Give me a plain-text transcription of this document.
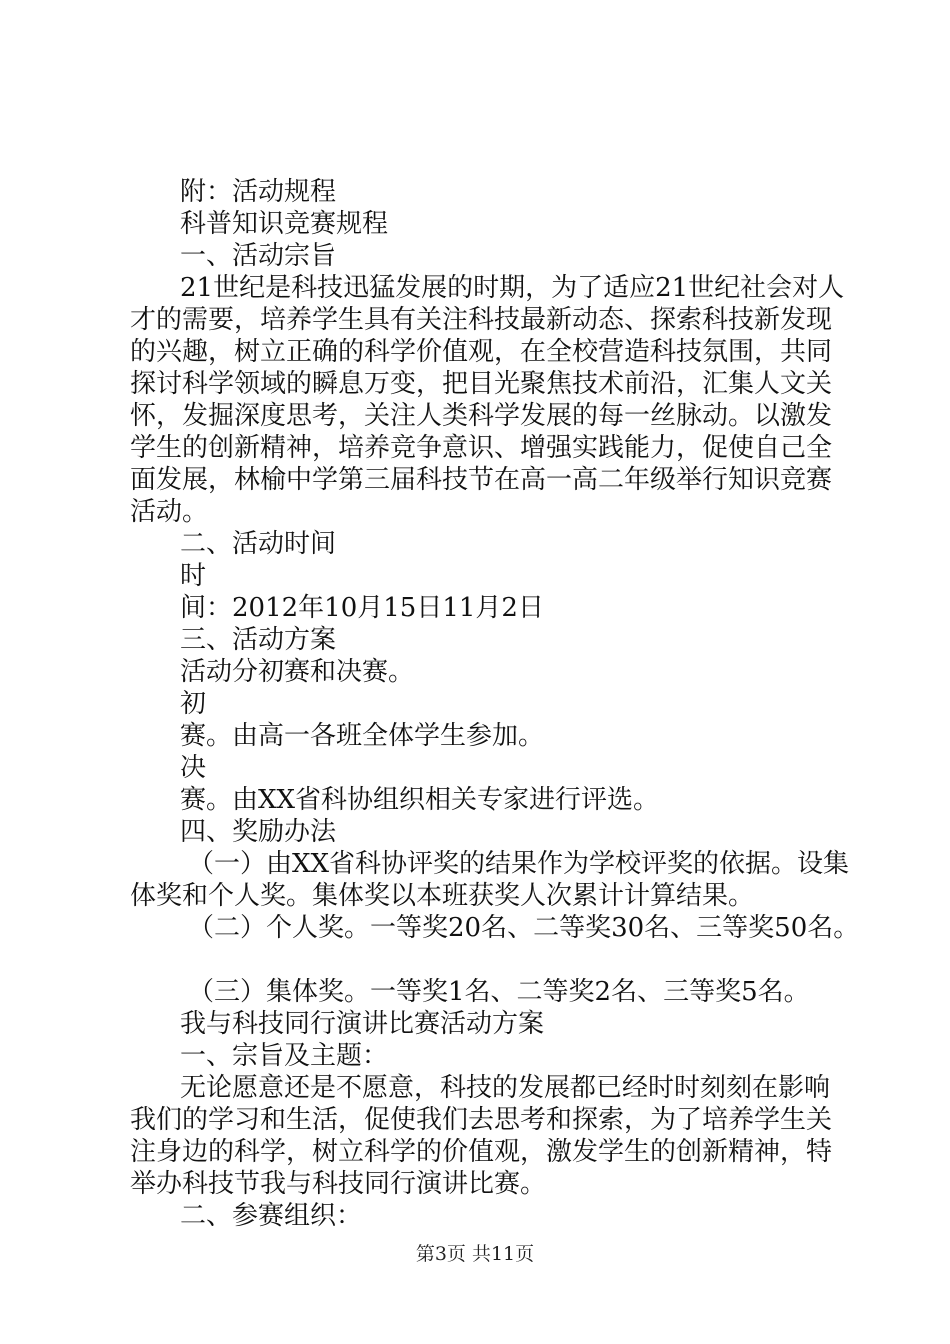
附：活动规程
科普知识竞赛规程
一、活动宗旨
21世纪是科技迅猛发展的时期，为了适应21世纪社会对人
才的需要，培养学生具有关注科技最新动态、探索科技新发现
的兴趣，树立正确的科学价值观，在全校营造科技氛围，共同
探讨科学领域的瞬息万变，把目光聚焦技术前沿，汇集人文关
怀，发掘深度思考，关注人类科学发展的每一丝脉动。以激发
学生的创新精神，培养竞争意识、增强实践能力，促使自己全
面发展，林榆中学第三届科技节在高一高二年级举行知识竞赛
活动。
二、活动时间
时
间：2012年10月15日11月2日
三、活动方案
活动分初赛和决赛。
初
赛。由高一各班全体学生参加。
决
赛。由XX省科协组织相关专家进行评选。
四、奖励办法
（一）由XX省科协评奖的结果作为学校评奖的依据。设集
体奖和个人奖。集体奖以本班获奖人次累计计算结果。
（二）个人奖。一等奖20名、二等奖30名、三等奖50名。
（三）集体奖。一等奖1名、二等奖2名、三等奖5名。
我与科技同行演讲比赛活动方案
一、宗旨及主题：
无论愿意还是不愿意，科技的发展都已经时时刻刻在影响
我们的学习和生活，促使我们去思考和探索，为了培养学生关
注身边的科学，树立科学的价值观，激发学生的创新精神，特
举办科技节我与科技同行演讲比赛。
二、参赛组织：
第3页 共11页
